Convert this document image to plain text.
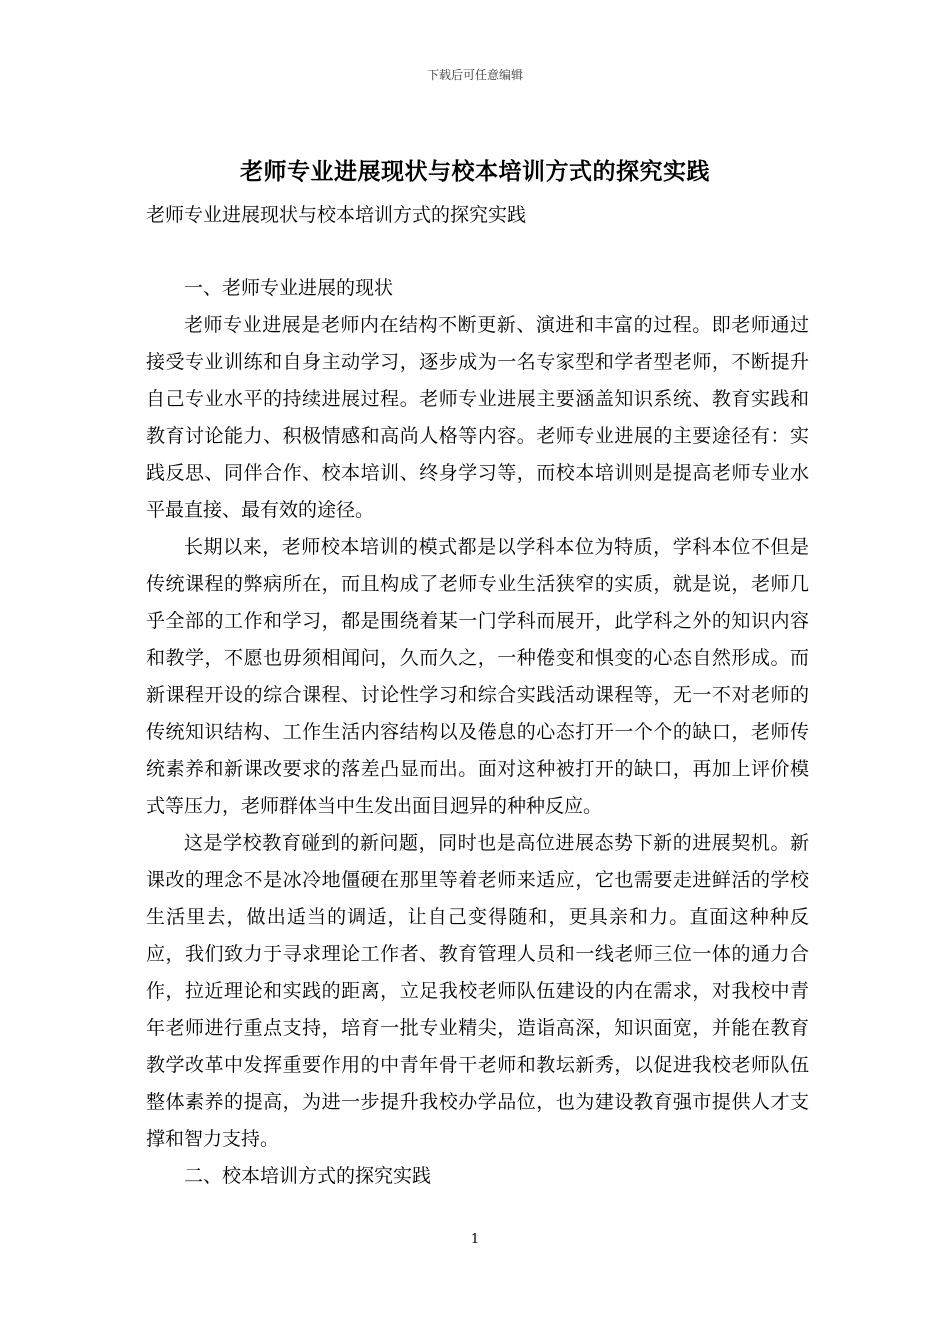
下载后可任意编辑
老师专业进展现状与校本培训方式的探究实践
老师专业进展现状与校本培训方式的探究实践

一、老师专业进展的现状

老师专业进展是老师内在结构不断更新、演进和丰富的过程。即老师通过接受专业训练和自身主动学习，逐步成为一名专家型和学者型老师，不断提升自己专业水平的持续进展过程。老师专业进展主要涵盖知识系统、教育实践和教育讨论能力、积极情感和高尚人格等内容。老师专业进展的主要途径有：实践反思、同伴合作、校本培训、终身学习等，而校本培训则是提高老师专业水平最直接、最有效的途径。

长期以来，老师校本培训的模式都是以学科本位为特质，学科本位不但是传统课程的弊病所在，而且构成了老师专业生活狭窄的实质，就是说，老师几乎全部的工作和学习，都是围绕着某一门学科而展开，此学科之外的知识内容和教学，不愿也毋须相闻问，久而久之，一种倦变和惧变的心态自然形成。而新课程开设的综合课程、讨论性学习和综合实践活动课程等，无一不对老师的传统知识结构、工作生活内容结构以及倦息的心态打开一个个的缺口，老师传统素养和新课改要求的落差凸显而出。面对这种被打开的缺口，再加上评价模式等压力，老师群体当中生发出面目迥异的种种反应。

这是学校教育碰到的新问题，同时也是高位进展态势下新的进展契机。新课改的理念不是冰冷地僵硬在那里等着老师来适应，它也需要走进鲜活的学校生活里去，做出适当的调适，让自己变得随和，更具亲和力。直面这种种反应，我们致力于寻求理论工作者、教育管理人员和一线老师三位一体的通力合作，拉近理论和实践的距离，立足我校老师队伍建设的内在需求，对我校中青年老师进行重点支持，培育一批专业精尖，造诣高深，知识面宽，并能在教育教学改革中发挥重要作用的中青年骨干老师和教坛新秀，以促进我校老师队伍整体素养的提高，为进一步提升我校办学品位，也为建设教育强市提供人才支撑和智力支持。

二、校本培训方式的探究实践

1
